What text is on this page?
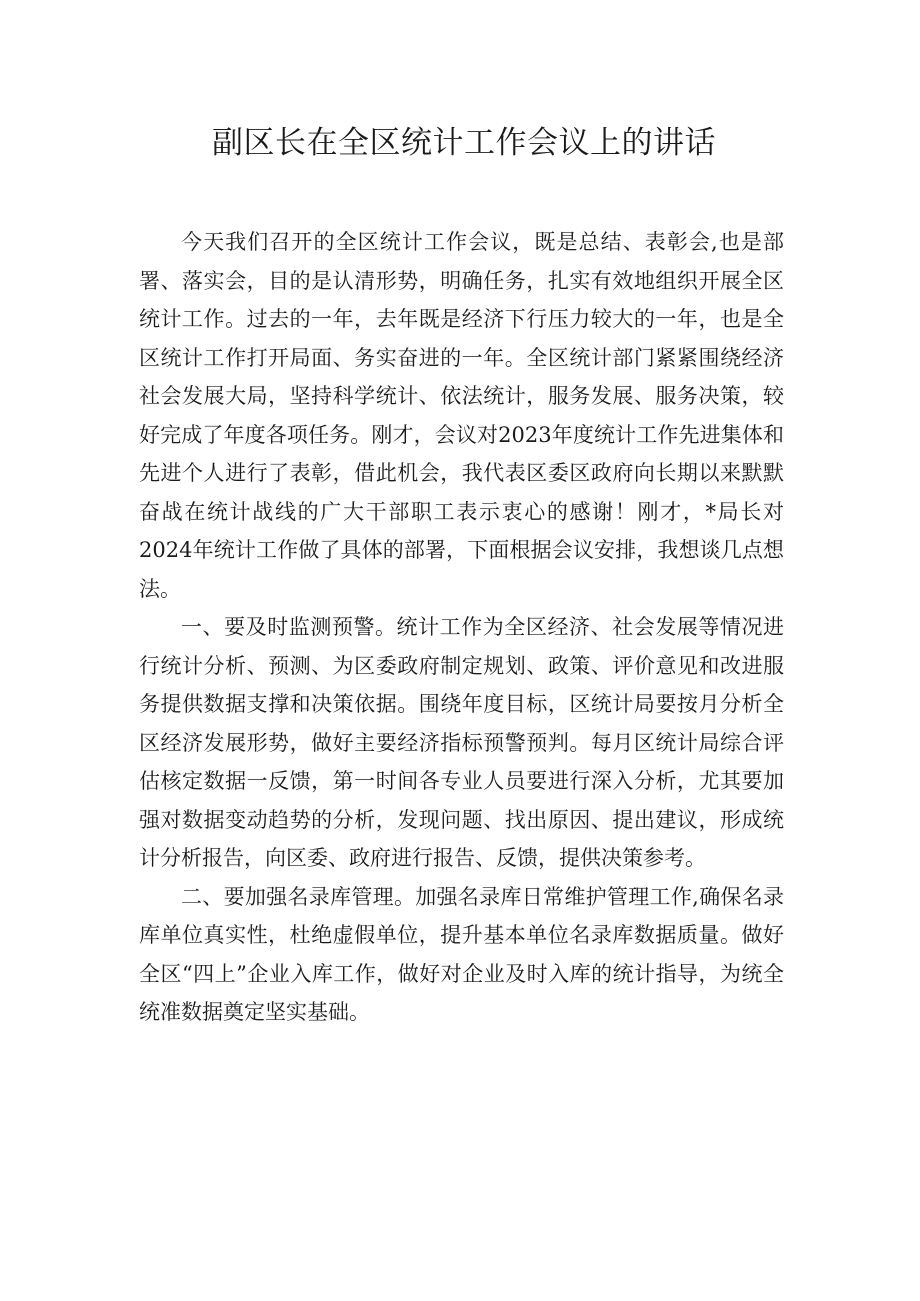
副区长在全区统计工作会议上的讲话

今天我们召开的全区统计工作会议，既是总结、表彰会,也是部署、落实会，目的是认清形势，明确任务，扎实有效地组织开展全区统计工作。过去的一年，去年既是经济下行压力较大的一年，也是全区统计工作打开局面、务实奋进的一年。全区统计部门紧紧围绕经济社会发展大局，坚持科学统计、依法统计，服务发展、服务决策，较好完成了年度各项任务。刚才，会议对2023年度统计工作先进集体和先进个人进行了表彰，借此机会，我代表区委区政府向长期以来默默奋战在统计战线的广大干部职工表示衷心的感谢！刚才，*局长对2024年统计工作做了具体的部署，下面根据会议安排，我想谈几点想法。

一、要及时监测预警。统计工作为全区经济、社会发展等情况进行统计分析、预测、为区委政府制定规划、政策、评价意见和改进服务提供数据支撑和决策依据。围绕年度目标，区统计局要按月分析全区经济发展形势，做好主要经济指标预警预判。每月区统计局综合评估核定数据一反馈，第一时间各专业人员要进行深入分析，尤其要加强对数据变动趋势的分析，发现问题、找出原因、提出建议，形成统计分析报告，向区委、政府进行报告、反馈，提供决策参考。

二、要加强名录库管理。加强名录库日常维护管理工作,确保名录库单位真实性，杜绝虚假单位，提升基本单位名录库数据质量。做好全区“四上”企业入库工作，做好对企业及时入库的统计指导，为统全统准数据奠定坚实基础。
